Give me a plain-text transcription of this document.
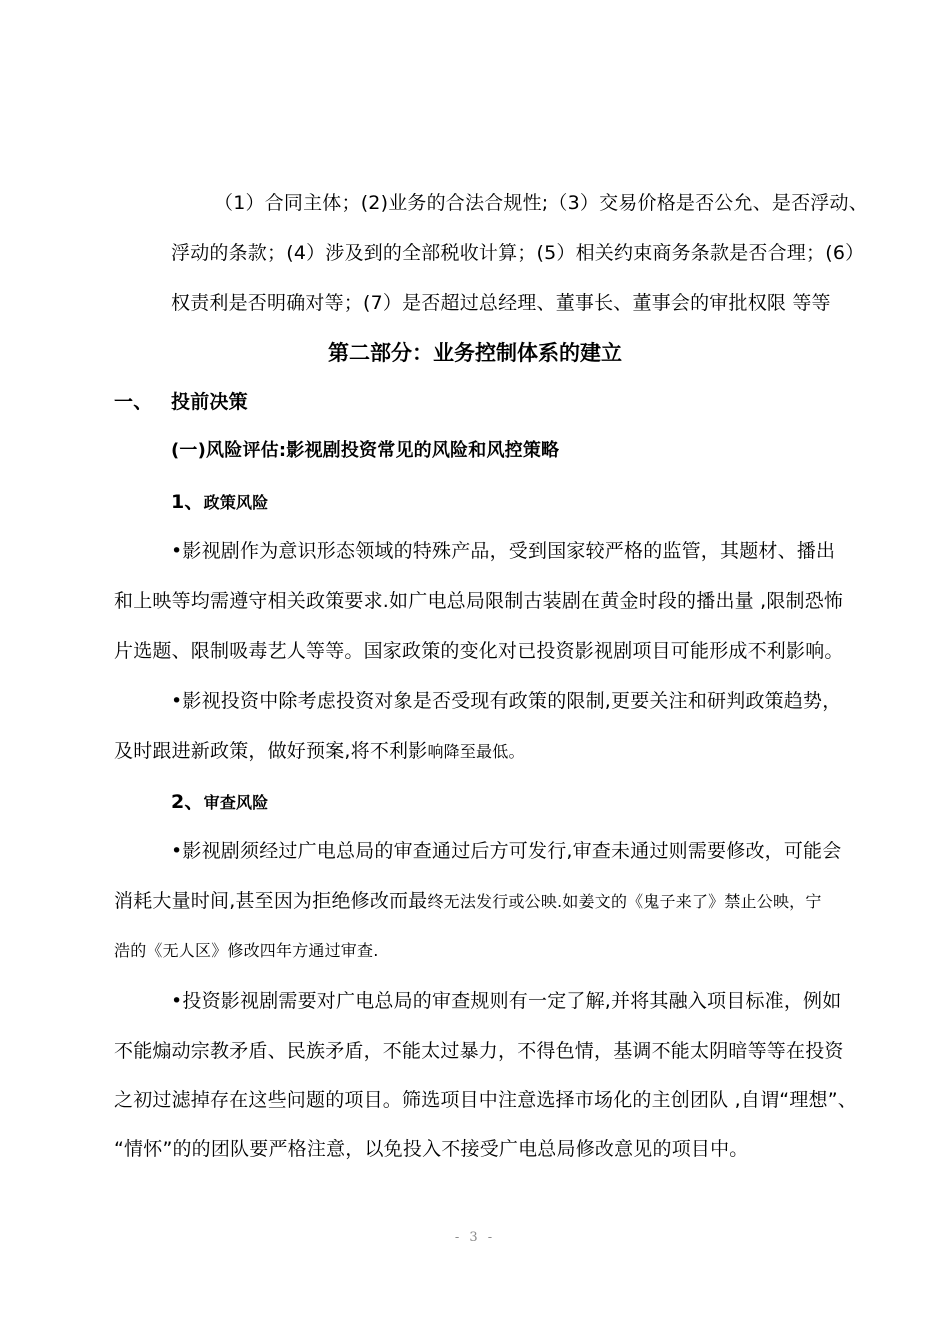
（1）合同主体；(2)业务的合法合规性;（3）交易价格是否公允、是否浮动、
浮动的条款；(4）涉及到的全部税收计算；(5）相关约束商务条款是否合理；(6）
权责利是否明确对等；(7）是否超过总经理、董事长、董事会的审批权限 等等
第二部分：业务控制体系的建立
一、 投前决策
(一)风险评估:影视剧投资常见的风险和风控策略
1、政策风险
•影视剧作为意识形态领域的特殊产品，受到国家较严格的监管，其题材、播出
和上映等均需遵守相关政策要求.如广电总局限制古装剧在黄金时段的播出量 ,限制恐怖
片选题、限制吸毒艺人等等。国家政策的变化对已投资影视剧项目可能形成不利影响。
•影视投资中除考虑投资对象是否受现有政策的限制,更要关注和研判政策趋势，
及时跟进新政策，做好预案,将不利影响降至最低。
2、审查风险
•影视剧须经过广电总局的审查通过后方可发行,审查未通过则需要修改，可能会
消耗大量时间,甚至因为拒绝修改而最终无法发行或公映.如姜文的《鬼子来了》禁止公映，宁
浩的《无人区》修改四年方通过审查.
•投资影视剧需要对广电总局的审查规则有一定了解,并将其融入项目标准，例如
不能煽动宗教矛盾、民族矛盾，不能太过暴力，不得色情，基调不能太阴暗等等在投资
之初过滤掉存在这些问题的项目。筛选项目中注意选择市场化的主创团队 ,自谓“理想”、
“情怀”的的团队要严格注意，以免投入不接受广电总局修改意见的项目中。
- 3 -
